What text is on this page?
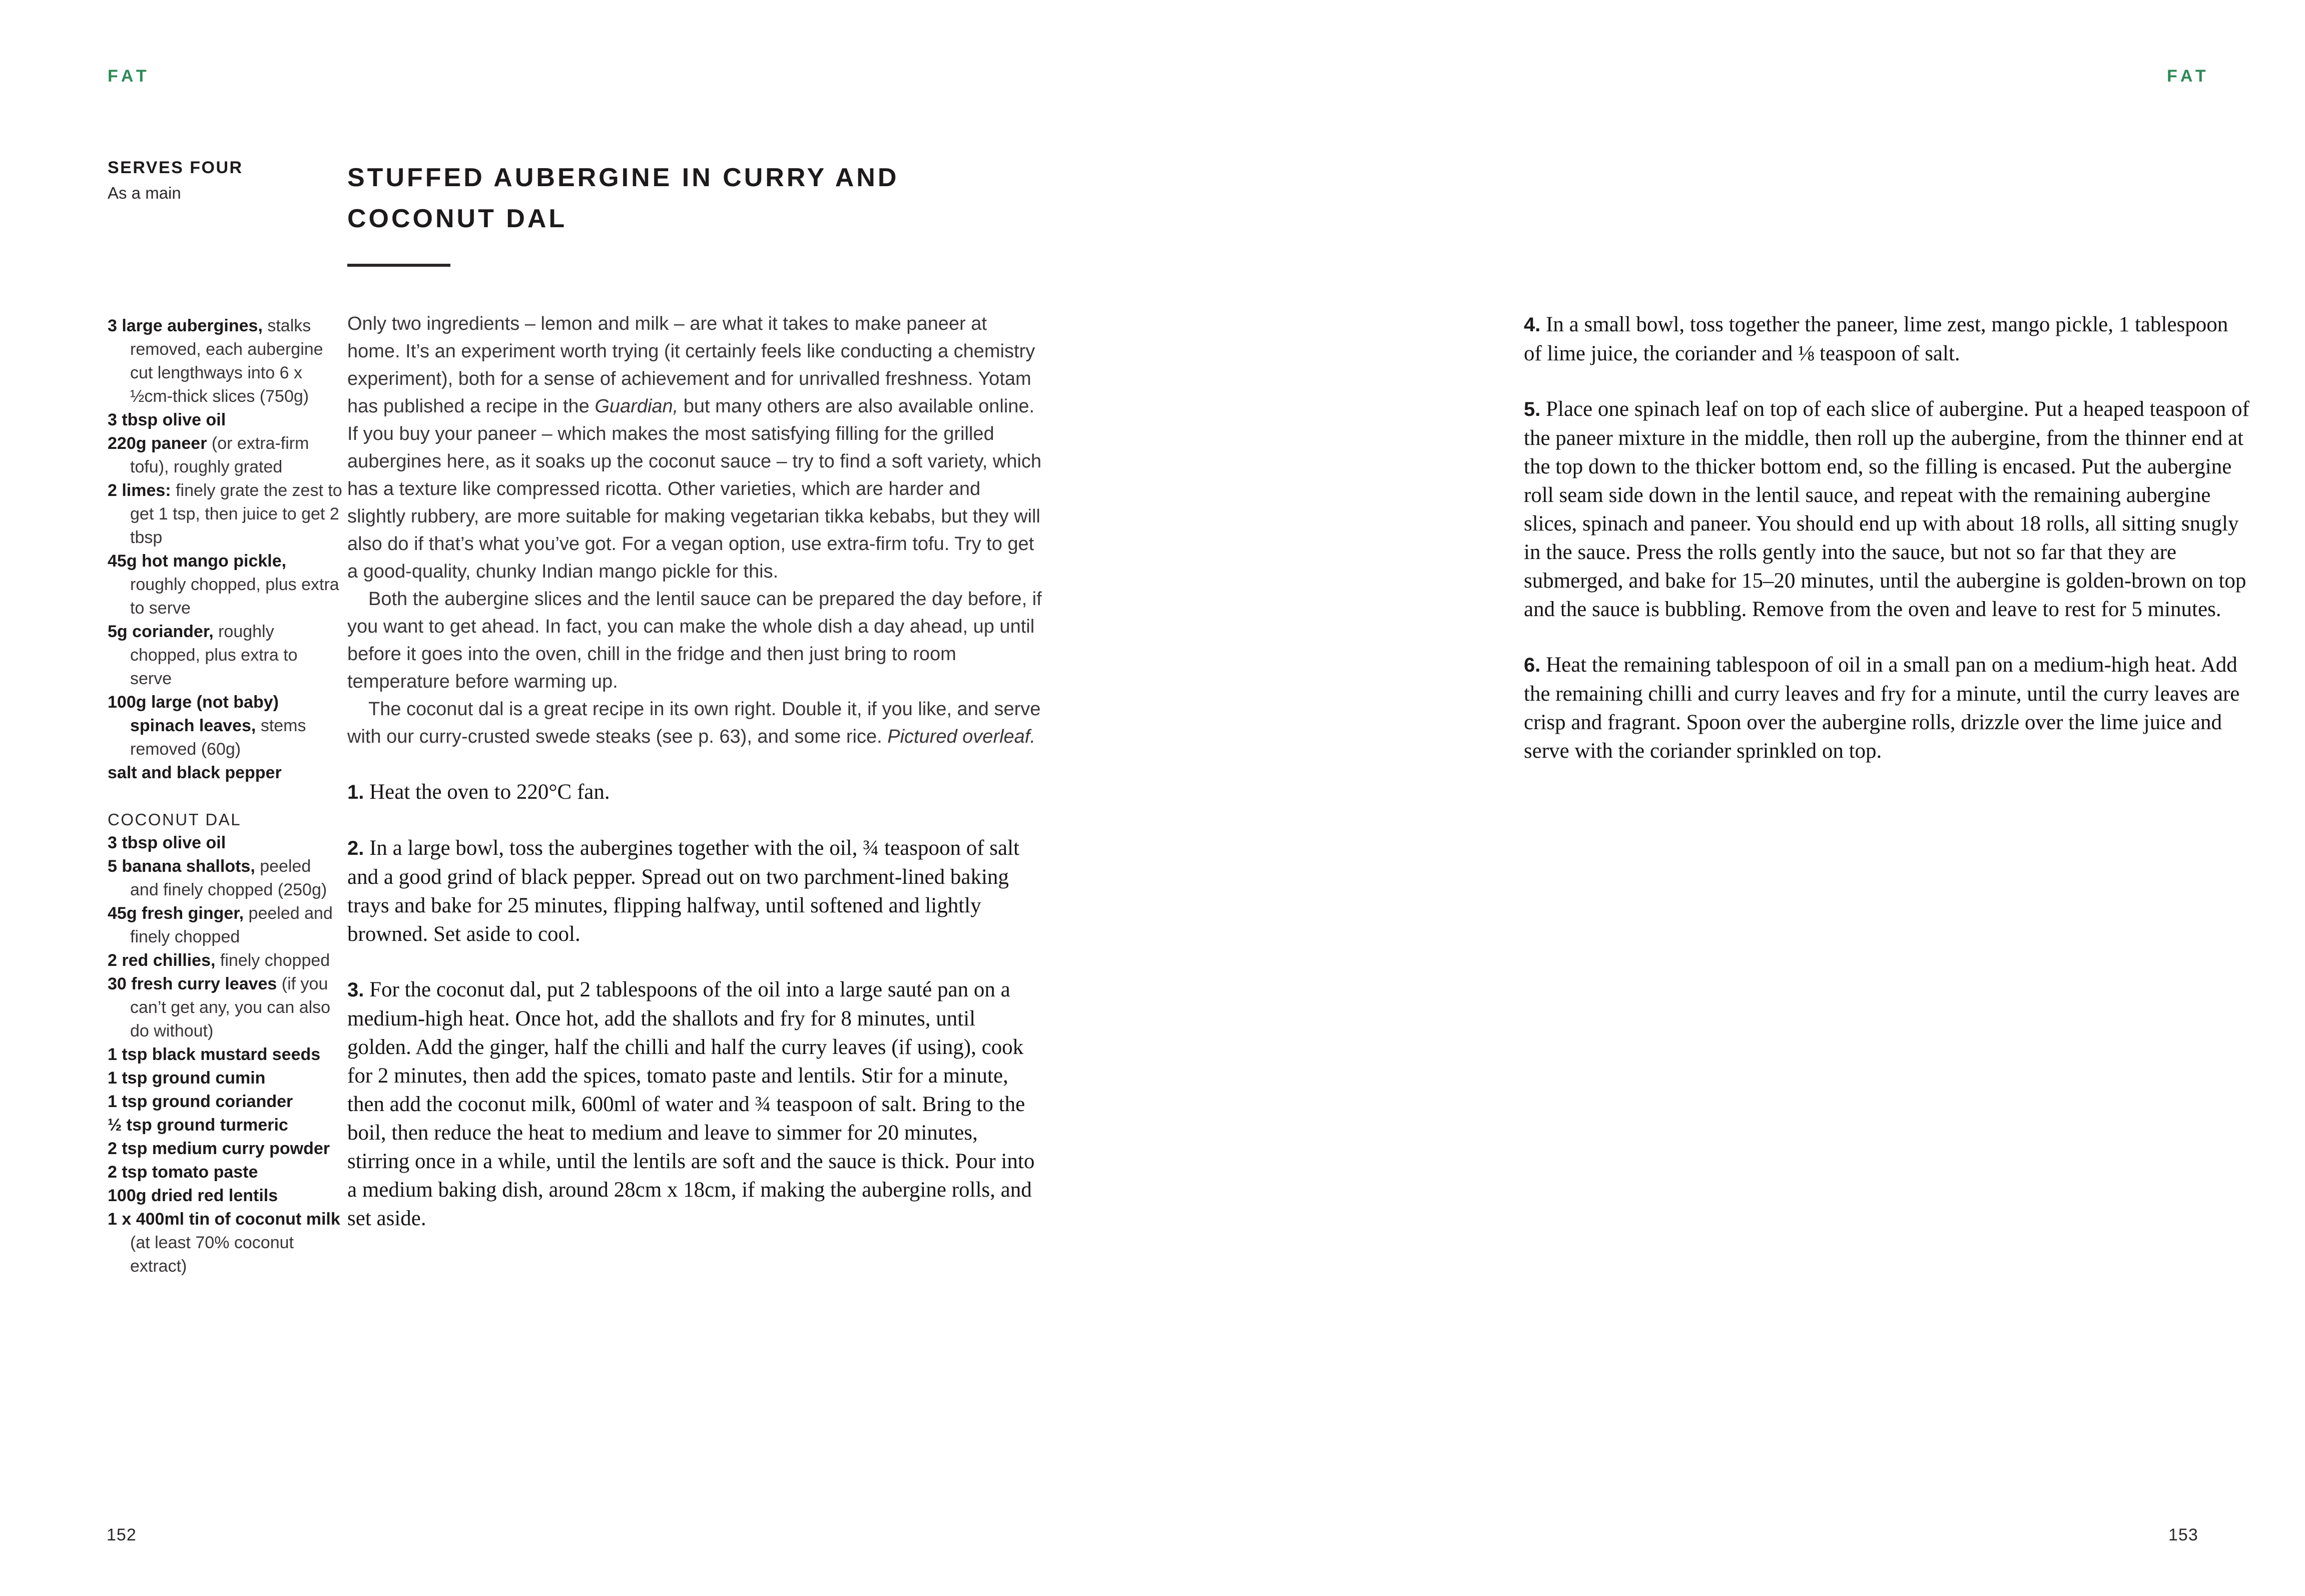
FAT	FAT
SERVES FOUR
As a main
3 large aubergines, stalks removed, each aubergine cut lengthways into 6 x ½cm-thick slices (750g)
3 tbsp olive oil
220g paneer (or extra-firm tofu), roughly grated
2 limes: finely grate the zest to get 1 tsp, then juice to get 2 tbsp
45g hot mango pickle, roughly chopped, plus extra to serve
5g coriander, roughly chopped, plus extra to serve
100g large (not baby) spinach leaves, stems removed (60g)
salt and black pepper
COCONUT DAL
3 tbsp olive oil
5 banana shallots, peeled and finely chopped (250g)
45g fresh ginger, peeled and finely chopped
2 red chillies, finely chopped
30 fresh curry leaves (if you can’t get any, you can also do without)
1 tsp black mustard seeds
1 tsp ground cumin
1 tsp ground coriander
½ tsp ground turmeric
2 tsp medium curry powder
2 tsp tomato paste
100g dried red lentils
1 x 400ml tin of coconut milk (at least 70% coconut extract)
STUFFED AUBERGINE IN CURRY AND
COCONUT DAL

Only two ingredients – lemon and milk – are what it takes to make paneer at home. It’s an experiment worth trying (it certainly feels like conducting a chemistry experiment), both for a sense of achievement and for unrivalled freshness. Yotam has published a recipe in the Guardian, but many others are also available online. If you buy your paneer – which makes the most satisfying filling for the grilled aubergines here, as it soaks up the coconut sauce – try to find a soft variety, which has a texture like compressed ricotta. Other varieties, which are harder and slightly rubbery, are more suitable for making vegetarian tikka kebabs, but they will also do if that’s what you’ve got. For a vegan option, use extra-firm tofu. Try to get a good-quality, chunky Indian mango pickle for this.

Both the aubergine slices and the lentil sauce can be prepared the day before, if you want to get ahead. In fact, you can make the whole dish a day ahead, up until before it goes into the oven, chill in the fridge and then just bring to room temperature before warming up.

The coconut dal is a great recipe in its own right. Double it, if you like, and serve with our curry-crusted swede steaks (see p. 63), and some rice. Pictured overleaf.

1. Heat the oven to 220°C fan.

2. In a large bowl, toss the aubergines together with the oil, ¾ teaspoon of salt and a good grind of black pepper. Spread out on two parchment-lined baking trays and bake for 25 minutes, flipping halfway, until softened and lightly browned. Set aside to cool.

3. For the coconut dal, put 2 tablespoons of the oil into a large sauté pan on a medium-high heat. Once hot, add the shallots and fry for 8 minutes, until golden. Add the ginger, half the chilli and half the curry leaves (if using), cook for 2 minutes, then add the spices, tomato paste and lentils. Stir for a minute, then add the coconut milk, 600ml of water and ¾ teaspoon of salt. Bring to the boil, then reduce the heat to medium and leave to simmer for 20 minutes, stirring once in a while, until the lentils are soft and the sauce is thick. Pour into a medium baking dish, around 28cm x 18cm, if making the aubergine rolls, and set aside.

4. In a small bowl, toss together the paneer, lime zest, mango pickle, 1 tablespoon of lime juice, the coriander and ⅛ teaspoon of salt.

5. Place one spinach leaf on top of each slice of aubergine. Put a heaped teaspoon of the paneer mixture in the middle, then roll up the aubergine, from the thinner end at the top down to the thicker bottom end, so the filling is encased. Put the aubergine roll seam side down in the lentil sauce, and repeat with the remaining aubergine slices, spinach and paneer. You should end up with about 18 rolls, all sitting snugly in the sauce. Press the rolls gently into the sauce, but not so far that they are submerged, and bake for 15–20 minutes, until the aubergine is golden-brown on top and the sauce is bubbling. Remove from the oven and leave to rest for 5 minutes.

6. Heat the remaining tablespoon of oil in a small pan on a medium-high heat. Add the remaining chilli and curry leaves and fry for a minute, until the curry leaves are crisp and fragrant. Spoon over the aubergine rolls, drizzle over the lime juice and serve with the coriander sprinkled on top.

152	153
